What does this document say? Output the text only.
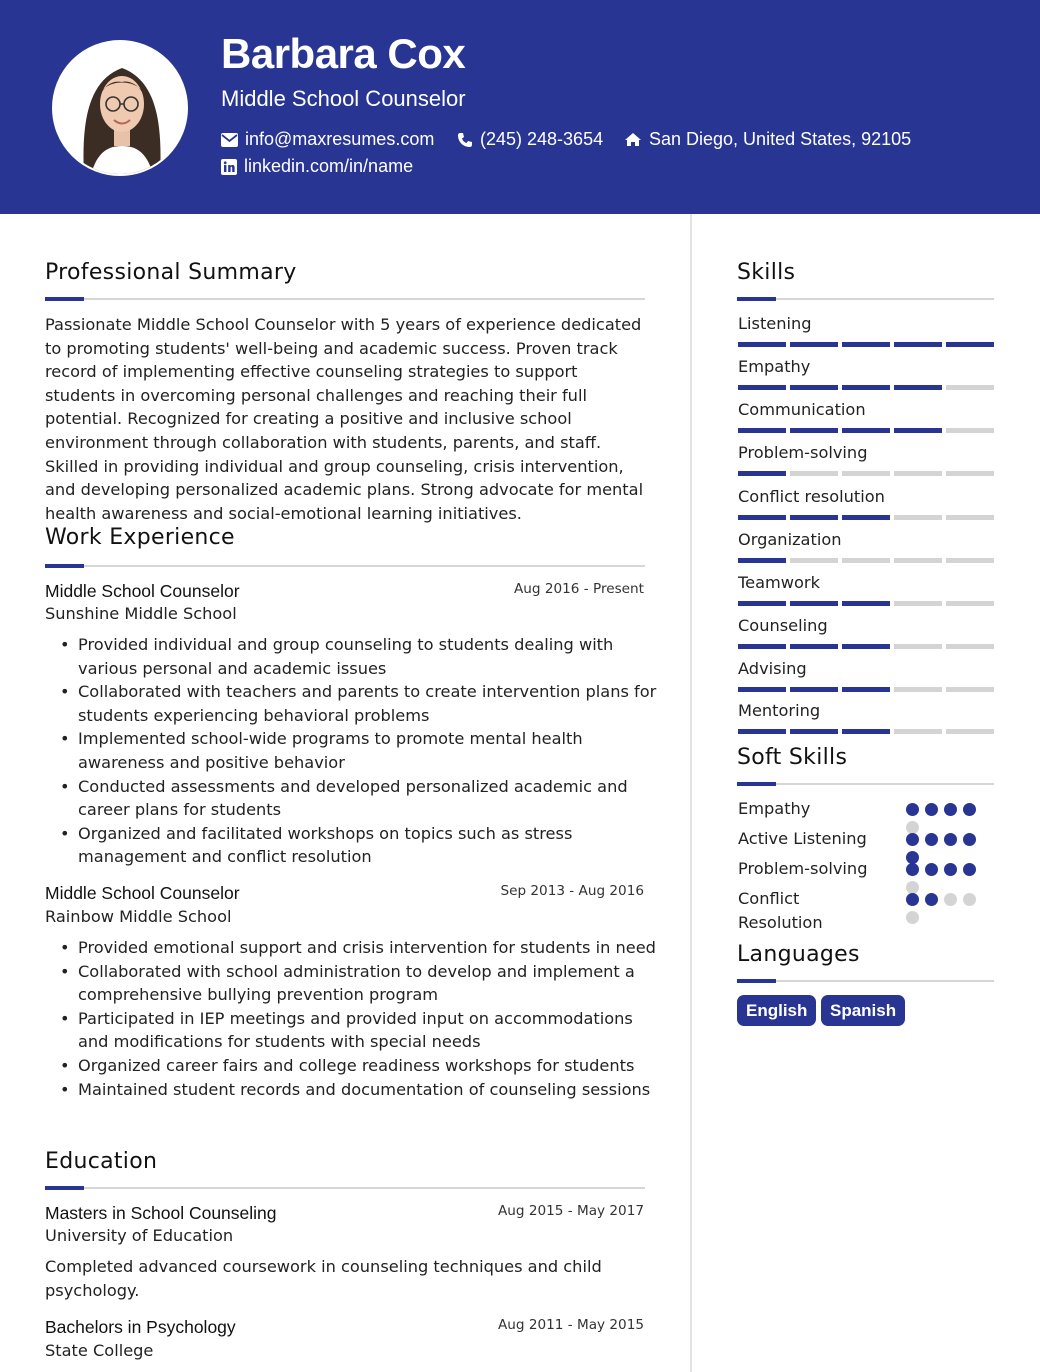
Barbara Cox
Middle School Counselor
info@maxresumes.com	(245) 248-3654	San Diego, United States, 92105
linkedin.com/in/name
Professional Summary
Passionate Middle School Counselor with 5 years of experience dedicated to promoting students' well-being and academic success. Proven track record of implementing effective counseling strategies to support students in overcoming personal challenges and reaching their full potential. Recognized for creating a positive and inclusive school environment through collaboration with students, parents, and staff. Skilled in providing individual and group counseling, crisis intervention, and developing personalized academic plans. Strong advocate for mental health awareness and social-emotional learning initiatives.
Work Experience
Middle School Counselor	Aug 2016 - Present
Sunshine Middle School
• Provided individual and group counseling to students dealing with various personal and academic issues
• Collaborated with teachers and parents to create intervention plans for students experiencing behavioral problems
• Implemented school-wide programs to promote mental health awareness and positive behavior
• Conducted assessments and developed personalized academic and career plans for students
• Organized and facilitated workshops on topics such as stress management and conflict resolution
Middle School Counselor	Sep 2013 - Aug 2016
Rainbow Middle School
• Provided emotional support and crisis intervention for students in need
• Collaborated with school administration to develop and implement a comprehensive bullying prevention program
• Participated in IEP meetings and provided input on accommodations and modifications for students with special needs
• Organized career fairs and college readiness workshops for students
• Maintained student records and documentation of counseling sessions
Education
Masters in School Counseling	Aug 2015 - May 2017
University of Education
Completed advanced coursework in counseling techniques and child psychology.
Bachelors in Psychology	Aug 2011 - May 2015
State College
Skills
Listening
Empathy
Communication
Problem-solving
Conflict resolution
Organization
Teamwork
Counseling
Advising
Mentoring
Soft Skills
Empathy
Active Listening
Problem-solving
Conflict Resolution
Languages
English	Spanish
